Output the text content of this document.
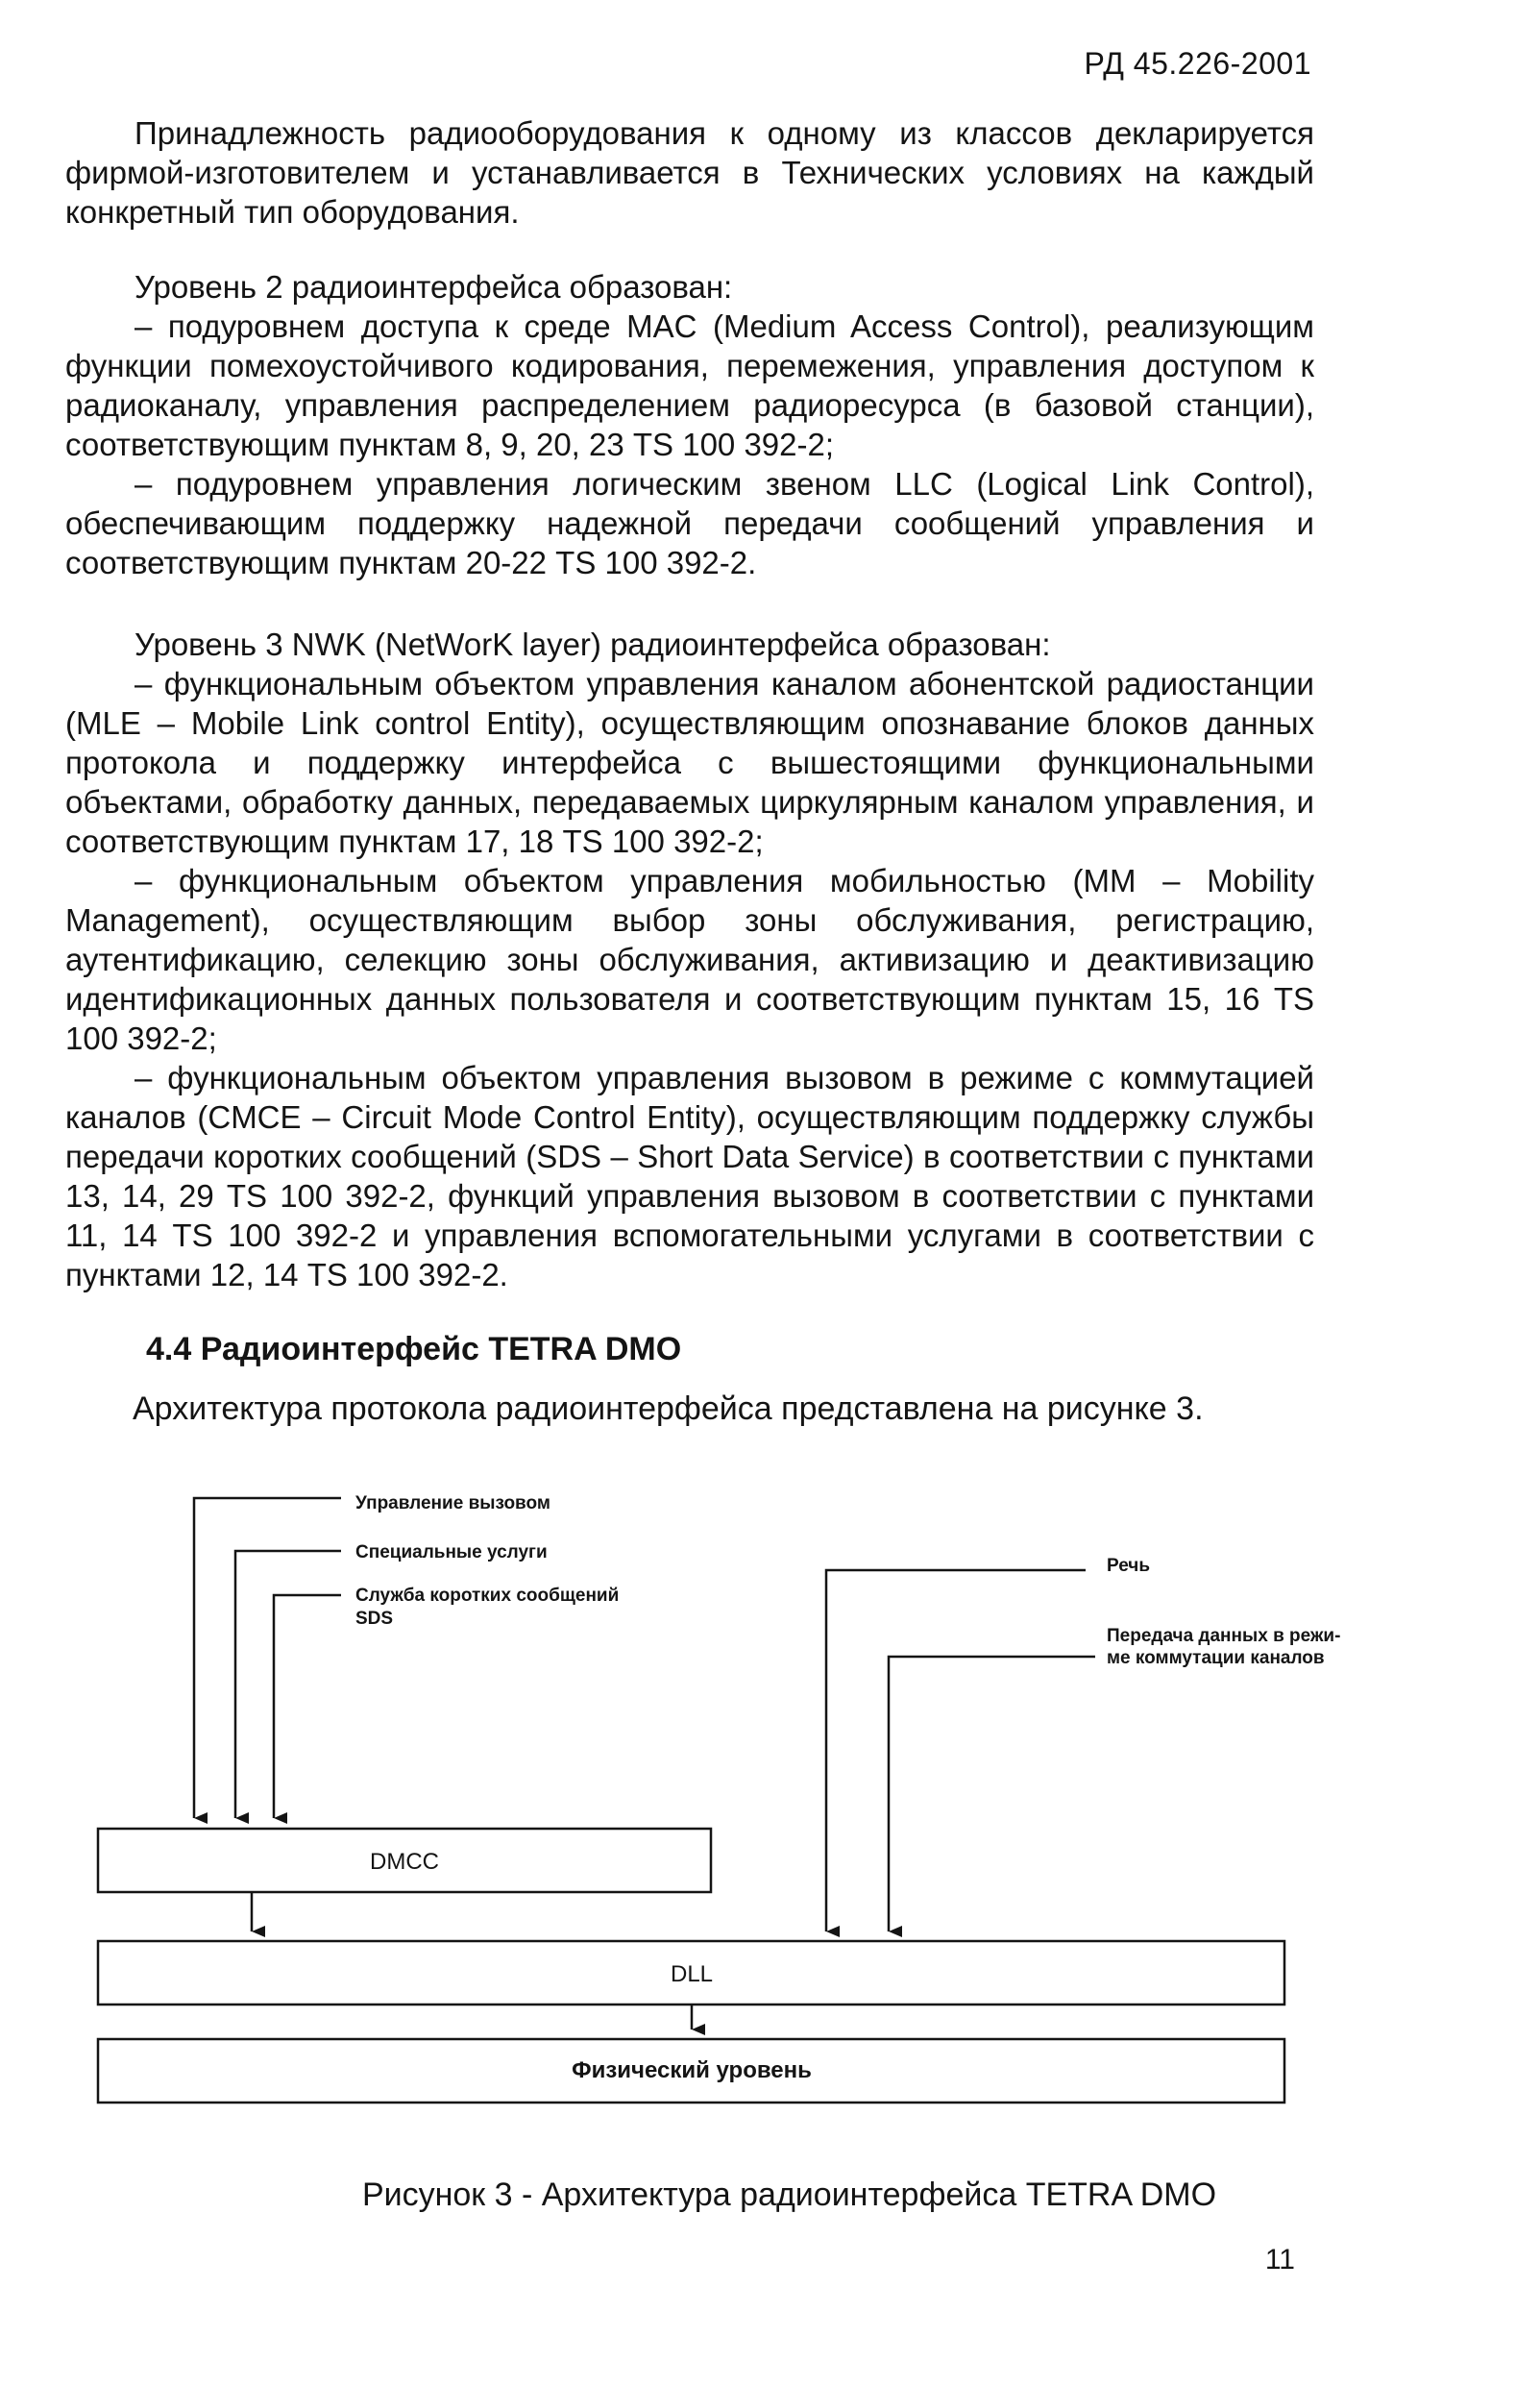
РД 45.226-2001

Принадлежность радиооборудования к одному из классов декларируется фирмой-изготовителем и устанавливается в Технических условиях на каждый конкретный тип оборудования.

Уровень 2 радиоинтерфейса образован:

– подуровнем доступа к среде MAC (Medium Access Control), реализующим функции помехоустойчивого кодирования, перемежения, управления доступом к радиоканалу, управления распределением радиоресурса (в базовой станции), соответствующим пунктам 8, 9, 20, 23 TS 100 392-2;

– подуровнем управления логическим звеном LLC (Logical Link Control), обеспечивающим поддержку надежной передачи сообщений управления и соответствующим пунктам 20-22 TS 100 392-2.

Уровень 3 NWK (NetWorK layer) радиоинтерфейса образован:

– функциональным объектом управления каналом абонентской радиостанции (MLE – Mobile Link control Entity), осуществляющим опознавание блоков данных протокола и поддержку интерфейса с вышестоящими функциональными объектами, обработку данных, передаваемых циркулярным каналом управления, и соответствующим пунктам 17, 18 TS 100 392-2;

– функциональным объектом управления мобильностью (MM – Mobility Management), осуществляющим выбор зоны обслуживания, регистрацию, аутентификацию, селекцию зоны обслуживания, активизацию и деактивизацию идентификационных данных пользователя и соответствующим пунктам 15, 16 TS 100 392-2;

– функциональным объектом управления вызовом в режиме с коммутацией каналов (CMCE – Circuit Mode Control Entity), осуществляющим поддержку службы передачи коротких сообщений (SDS – Short Data Service) в соответствии с пунктами 13, 14, 29 TS 100 392-2, функций управления вызовом в соответствии с пунктами 11, 14 TS 100 392-2 и управления вспомогательными услугами в соответствии с пунктами 12, 14 TS 100 392-2.

4.4 Радиоинтерфейс TETRA DMO
Архитектура протокола радиоинтерфейса представлена на рисунке 3.
Управление вызовом
Специальные услуги
Служба коротких сообщений
SDS
Речь
Передача данных в режи-
ме коммутации каналов
DMCC
DLL
Физический уровень
Рисунок 3 - Архитектура радиоинтерфейса TETRA DMO
11
